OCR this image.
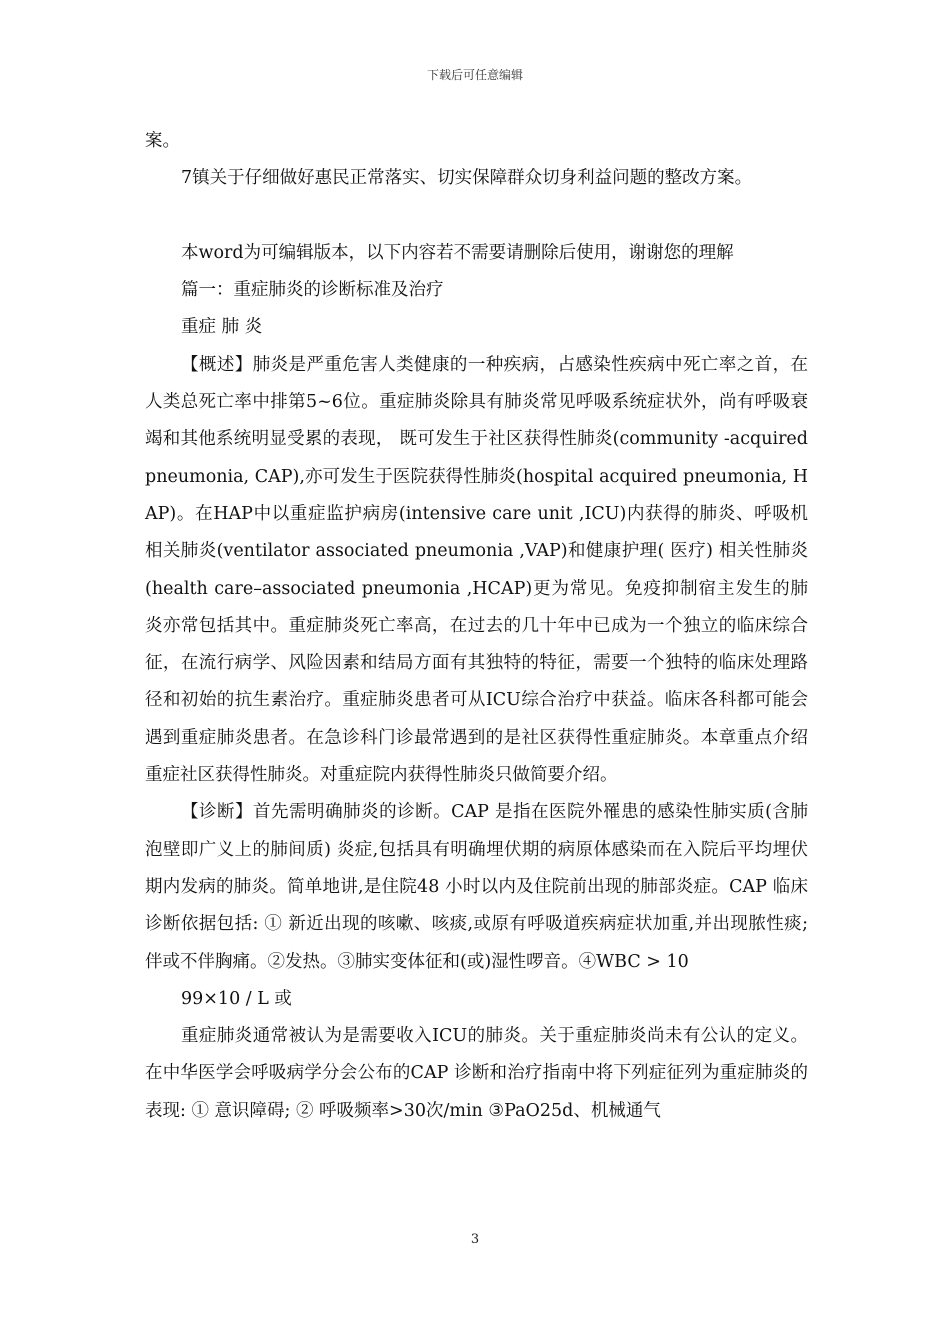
下载后可任意编辑

案。

7镇关于仔细做好惠民正常落实、切实保障群众切身利益问题的整改方案。

本word为可编辑版本，以下内容若不需要请删除后使用，谢谢您的理解

篇一：重症肺炎的诊断标准及治疗

重症 肺 炎

【概述】肺炎是严重危害人类健康的一种疾病，占感染性疾病中死亡率之首，在人类总死亡率中排第5~6位。重症肺炎除具有肺炎常见呼吸系统症状外，尚有呼吸衰竭和其他系统明显受累的表现， 既可发生于社区获得性肺炎(community -acquired pneumonia, CAP),亦可发生于医院获得性肺炎(hospital acquired pneumonia, HAP)。在HAP中以重症监护病房(intensive care unit ,ICU)内获得的肺炎、呼吸机相关肺炎(ventilator associated pneumonia ,VAP)和健康护理( 医疗) 相关性肺炎(health care–associated pneumonia ,HCAP)更为常见。免疫抑制宿主发生的肺炎亦常包括其中。重症肺炎死亡率高，在过去的几十年中已成为一个独立的临床综合征，在流行病学、风险因素和结局方面有其独特的特征，需要一个独特的临床处理路径和初始的抗生素治疗。重症肺炎患者可从ICU综合治疗中获益。临床各科都可能会遇到重症肺炎患者。在急诊科门诊最常遇到的是社区获得性重症肺炎。本章重点介绍重症社区获得性肺炎。对重症院内获得性肺炎只做简要介绍。

【诊断】首先需明确肺炎的诊断。CAP 是指在医院外罹患的感染性肺实质(含肺泡壁即广义上的肺间质) 炎症,包括具有明确埋伏期的病原体感染而在入院后平均埋伏期内发病的肺炎。简单地讲,是住院48 小时以内及住院前出现的肺部炎症。CAP 临床诊断依据包括: ① 新近出现的咳嗽、咳痰,或原有呼吸道疾病症状加重,并出现脓性痰; 伴或不伴胸痛。②发热。③肺实变体征和(或)湿性啰音。④WBC > 10

99×10 / L 或

重症肺炎通常被认为是需要收入ICU的肺炎。关于重症肺炎尚未有公认的定义。在中华医学会呼吸病学分会公布的CAP 诊断和治疗指南中将下列症征列为重症肺炎的表现: ① 意识障碍; ② 呼吸频率>30次/min ③PaO25d、机械通气

3
